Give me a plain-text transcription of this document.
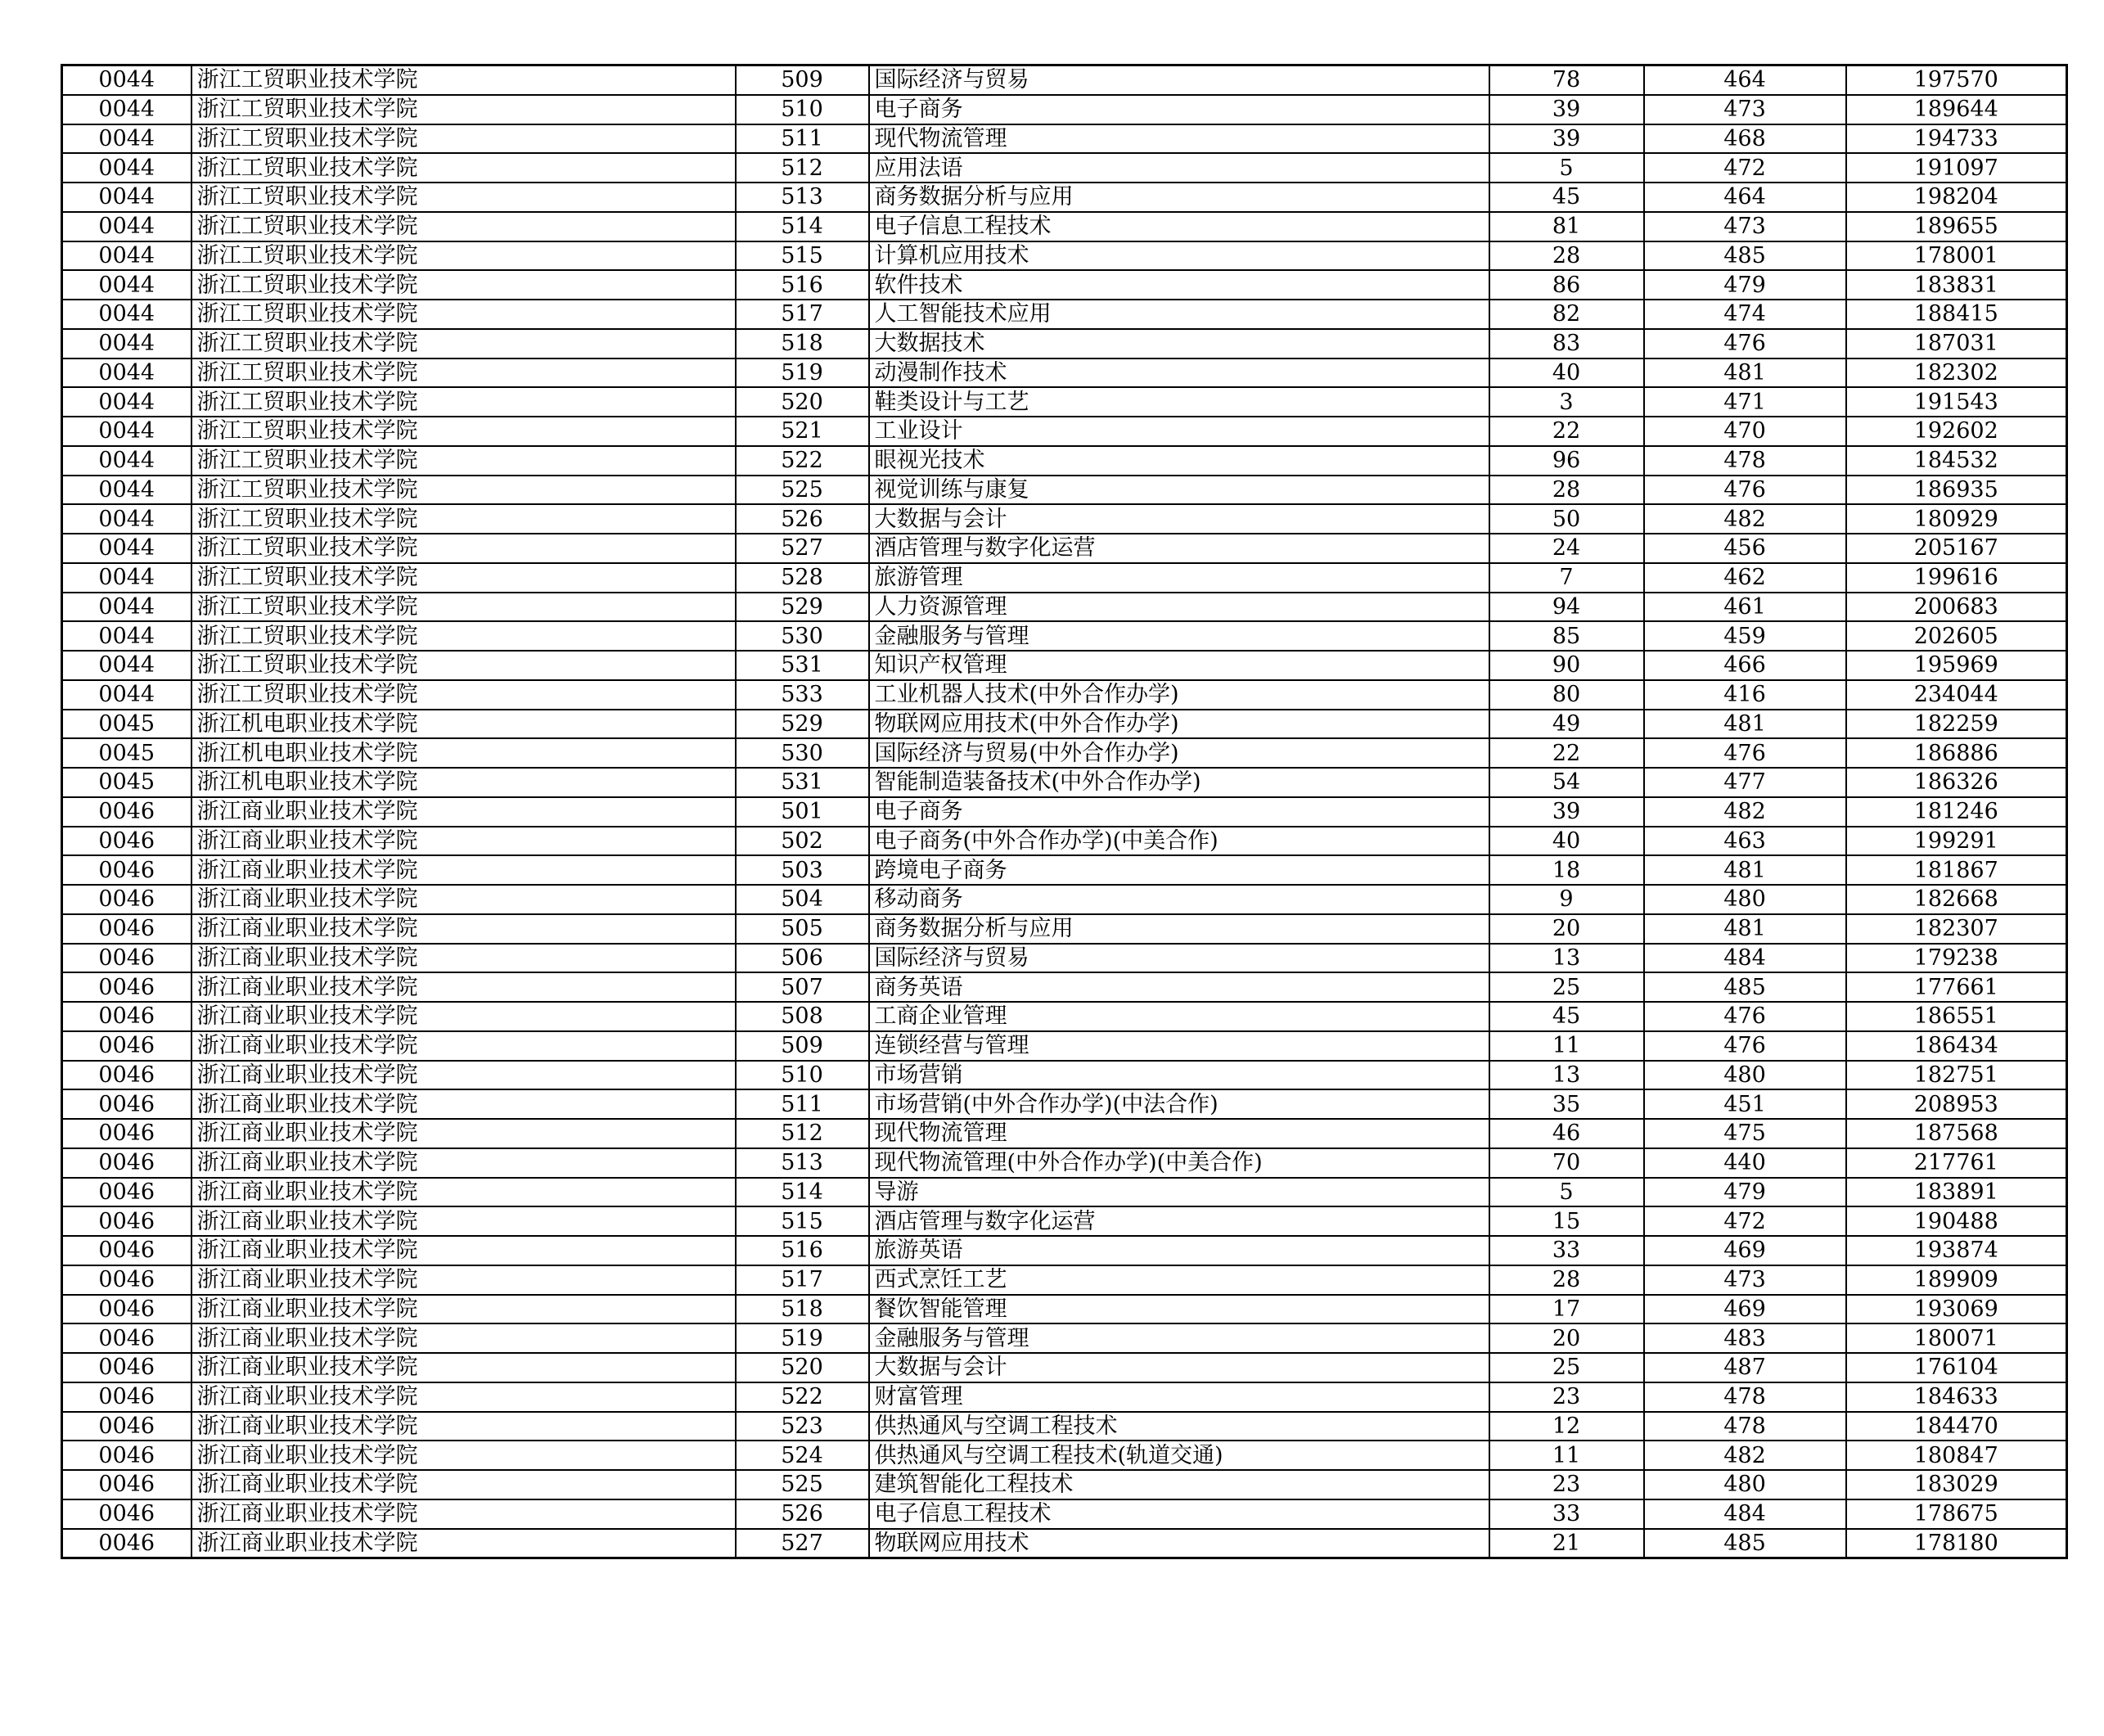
0044	浙江工贸职业技术学院	509	国际经济与贸易	78	464	197570
0044	浙江工贸职业技术学院	510	电子商务	39	473	189644
0044	浙江工贸职业技术学院	511	现代物流管理	39	468	194733
0044	浙江工贸职业技术学院	512	应用法语	5	472	191097
0044	浙江工贸职业技术学院	513	商务数据分析与应用	45	464	198204
0044	浙江工贸职业技术学院	514	电子信息工程技术	81	473	189655
0044	浙江工贸职业技术学院	515	计算机应用技术	28	485	178001
0044	浙江工贸职业技术学院	516	软件技术	86	479	183831
0044	浙江工贸职业技术学院	517	人工智能技术应用	82	474	188415
0044	浙江工贸职业技术学院	518	大数据技术	83	476	187031
0044	浙江工贸职业技术学院	519	动漫制作技术	40	481	182302
0044	浙江工贸职业技术学院	520	鞋类设计与工艺	3	471	191543
0044	浙江工贸职业技术学院	521	工业设计	22	470	192602
0044	浙江工贸职业技术学院	522	眼视光技术	96	478	184532
0044	浙江工贸职业技术学院	525	视觉训练与康复	28	476	186935
0044	浙江工贸职业技术学院	526	大数据与会计	50	482	180929
0044	浙江工贸职业技术学院	527	酒店管理与数字化运营	24	456	205167
0044	浙江工贸职业技术学院	528	旅游管理	7	462	199616
0044	浙江工贸职业技术学院	529	人力资源管理	94	461	200683
0044	浙江工贸职业技术学院	530	金融服务与管理	85	459	202605
0044	浙江工贸职业技术学院	531	知识产权管理	90	466	195969
0044	浙江工贸职业技术学院	533	工业机器人技术(中外合作办学)	80	416	234044
0045	浙江机电职业技术学院	529	物联网应用技术(中外合作办学)	49	481	182259
0045	浙江机电职业技术学院	530	国际经济与贸易(中外合作办学)	22	476	186886
0045	浙江机电职业技术学院	531	智能制造装备技术(中外合作办学)	54	477	186326
0046	浙江商业职业技术学院	501	电子商务	39	482	181246
0046	浙江商业职业技术学院	502	电子商务(中外合作办学)(中美合作)	40	463	199291
0046	浙江商业职业技术学院	503	跨境电子商务	18	481	181867
0046	浙江商业职业技术学院	504	移动商务	9	480	182668
0046	浙江商业职业技术学院	505	商务数据分析与应用	20	481	182307
0046	浙江商业职业技术学院	506	国际经济与贸易	13	484	179238
0046	浙江商业职业技术学院	507	商务英语	25	485	177661
0046	浙江商业职业技术学院	508	工商企业管理	45	476	186551
0046	浙江商业职业技术学院	509	连锁经营与管理	11	476	186434
0046	浙江商业职业技术学院	510	市场营销	13	480	182751
0046	浙江商业职业技术学院	511	市场营销(中外合作办学)(中法合作)	35	451	208953
0046	浙江商业职业技术学院	512	现代物流管理	46	475	187568
0046	浙江商业职业技术学院	513	现代物流管理(中外合作办学)(中美合作)	70	440	217761
0046	浙江商业职业技术学院	514	导游	5	479	183891
0046	浙江商业职业技术学院	515	酒店管理与数字化运营	15	472	190488
0046	浙江商业职业技术学院	516	旅游英语	33	469	193874
0046	浙江商业职业技术学院	517	西式烹饪工艺	28	473	189909
0046	浙江商业职业技术学院	518	餐饮智能管理	17	469	193069
0046	浙江商业职业技术学院	519	金融服务与管理	20	483	180071
0046	浙江商业职业技术学院	520	大数据与会计	25	487	176104
0046	浙江商业职业技术学院	522	财富管理	23	478	184633
0046	浙江商业职业技术学院	523	供热通风与空调工程技术	12	478	184470
0046	浙江商业职业技术学院	524	供热通风与空调工程技术(轨道交通)	11	482	180847
0046	浙江商业职业技术学院	525	建筑智能化工程技术	23	480	183029
0046	浙江商业职业技术学院	526	电子信息工程技术	33	484	178675
0046	浙江商业职业技术学院	527	物联网应用技术	21	485	178180
